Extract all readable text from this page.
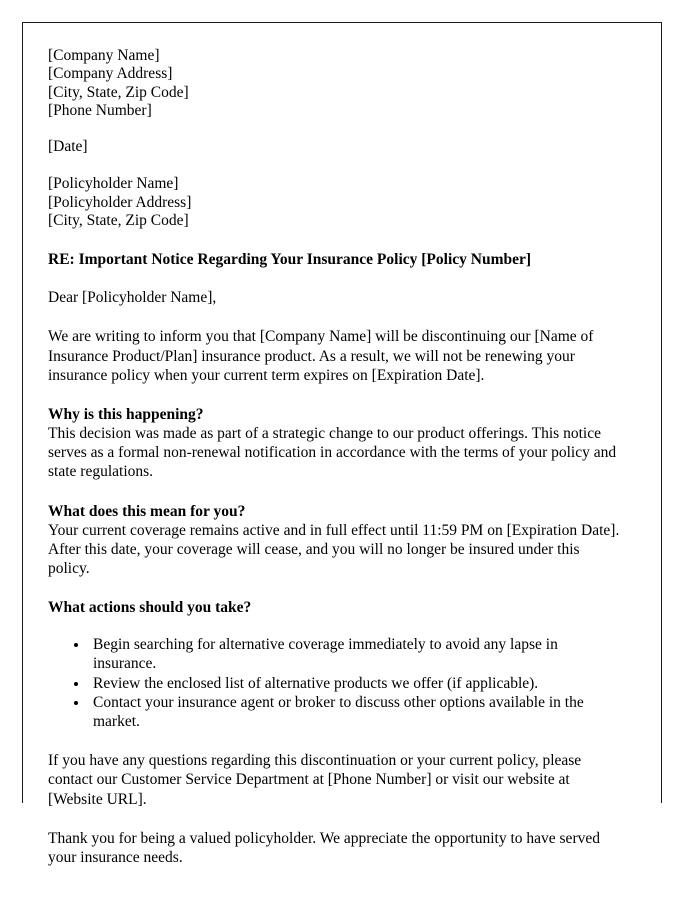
[Company Name]
[Company Address]
[City, State, Zip Code]
[Phone Number]
[Date]
[Policyholder Name]
[Policyholder Address]
[City, State, Zip Code]
RE: Important Notice Regarding Your Insurance Policy [Policy Number]
Dear [Policyholder Name],

We are writing to inform you that [Company Name] will be discontinuing our [Name of Insurance Product/Plan] insurance product. As a result, we will not be renewing your insurance policy when your current term expires on [Expiration Date].

Why is this happening?
This decision was made as part of a strategic change to our product offerings. This notice serves as a formal non-renewal notification in accordance with the terms of your policy and state regulations.
What does this mean for you?
Your current coverage remains active and in full effect until 11:59 PM on [Expiration Date]. After this date, your coverage will cease, and you will no longer be insured under this policy.
What actions should you take?
• Begin searching for alternative coverage immediately to avoid any lapse in insurance.
• Review the enclosed list of alternative products we offer (if applicable).
• Contact your insurance agent or broker to discuss other options available in the market.

If you have any questions regarding this discontinuation or your current policy, please contact our Customer Service Department at [Phone Number] or visit our website at [Website URL].

Thank you for being a valued policyholder. We appreciate the opportunity to have served your insurance needs.
